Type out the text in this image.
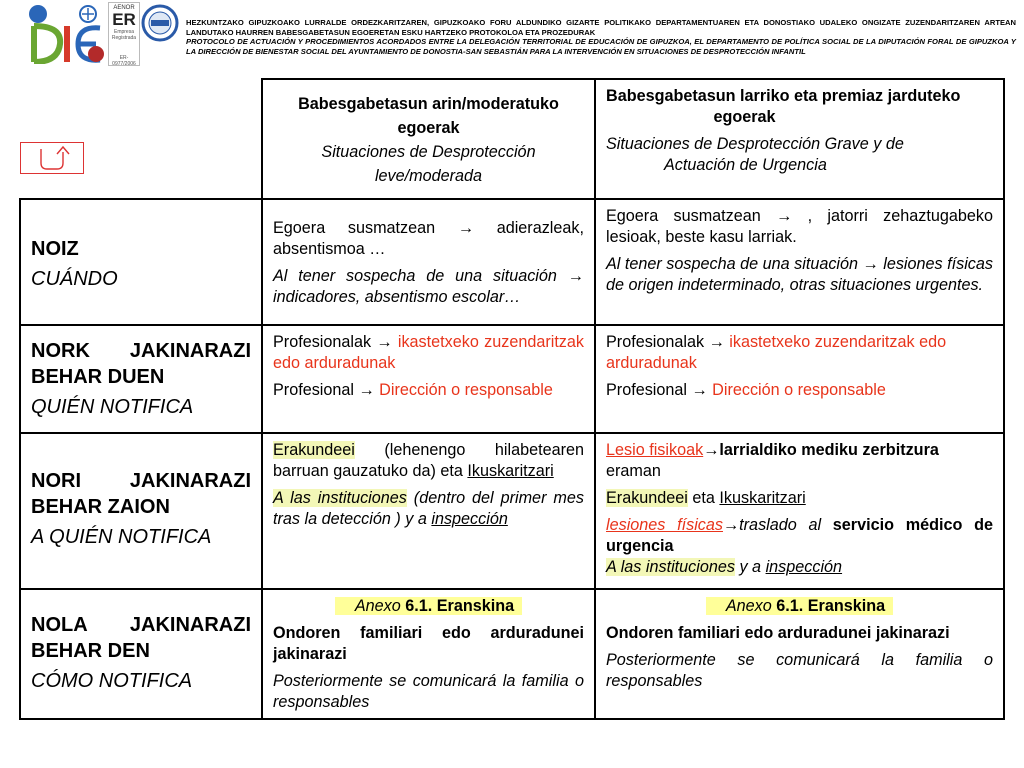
AENOR
ER
Empresa Registrada
ER-0977/2006

HEZKUNTZAKO GIPUZKOAKO LURRALDE ORDEZKARITZAREN, GIPUZKOAKO FORU ALDUNDIKO GIZARTE POLITIKAKO DEPARTAMENTUAREN ETA DONOSTIAKO UDALEKO ONGIZATE ZUZENDARITZAREN ARTEAN LANDUTAKO HAURREN BABESGABETASUN EGOERETAN ESKU HARTZEKO PROTOKOLOA ETA PROZEDURAK

PROTOCOLO DE ACTUACIÓN Y PROCEDIMIENTOS ACORDADOS ENTRE LA DELEGACIÓN TERRITORIAL DE EDUCACIÓN DE GIPUZKOA, EL DEPARTAMENTO DE POLÍTICA SOCIAL DE LA DIPUTACIÓN FORAL DE GIPUZKOA Y LA DIRECCIÓN DE BIENESTAR SOCIAL DEL AYUNTAMIENTO DE DONOSTIA-SAN SEBASTIÁN PARA LA INTERVENCIÓN EN SITUACIONES DE DESPROTECCIÓN INFANTIL

Babesgabetasun arin/moderatuko

egoerak

Situaciones de Desprotección

leve/moderada

Babesgabetasun larriko eta premiaz jarduteko

egoerak

Situaciones de Desprotección Grave y de

Actuación de Urgencia

NOIZ

CUÁNDO

Egoera susmatzean → adierazleak, absentismoa …

Al tener sospecha de una situación → indicadores, absentismo escolar…

Egoera susmatzean → , jatorri zehaztugabeko lesioak, beste kasu larriak.

Al tener sospecha de una situación → lesiones físicas de origen indeterminado, otras situaciones urgentes.

NORK JAKINARAZI BEHAR DUEN

QUIÉN NOTIFICA

Profesionalak → ikastetxeko zuzendaritzak edo arduradunak

Profesional → Dirección o responsable

Profesionalak → ikastetxeko zuzendaritzak edo arduradunak

Profesional → Dirección o responsable

NORI JAKINARAZI BEHAR ZAION

A QUIÉN NOTIFICA

Erakundeei (lehenengo hilabetearen barruan gauzatuko da) eta Ikuskaritzari

A las instituciones (dentro del primer mes tras la detección ) y a inspección

Lesio fisikoak→larrialdiko mediku zerbitzura
eraman

Erakundeei eta Ikuskaritzari

lesiones físicas→traslado al servicio médico de urgencia

A las instituciones y a inspección

NOLA JAKINARAZI BEHAR DEN

CÓMO NOTIFICA

Anexo 6.1. Eranskina

Ondoren familiari edo arduradunei jakinarazi

Posteriormente se comunicará la familia o responsables

Anexo 6.1. Eranskina

Ondoren familiari edo arduradunei jakinarazi

Posteriormente se comunicará la familia o responsables
